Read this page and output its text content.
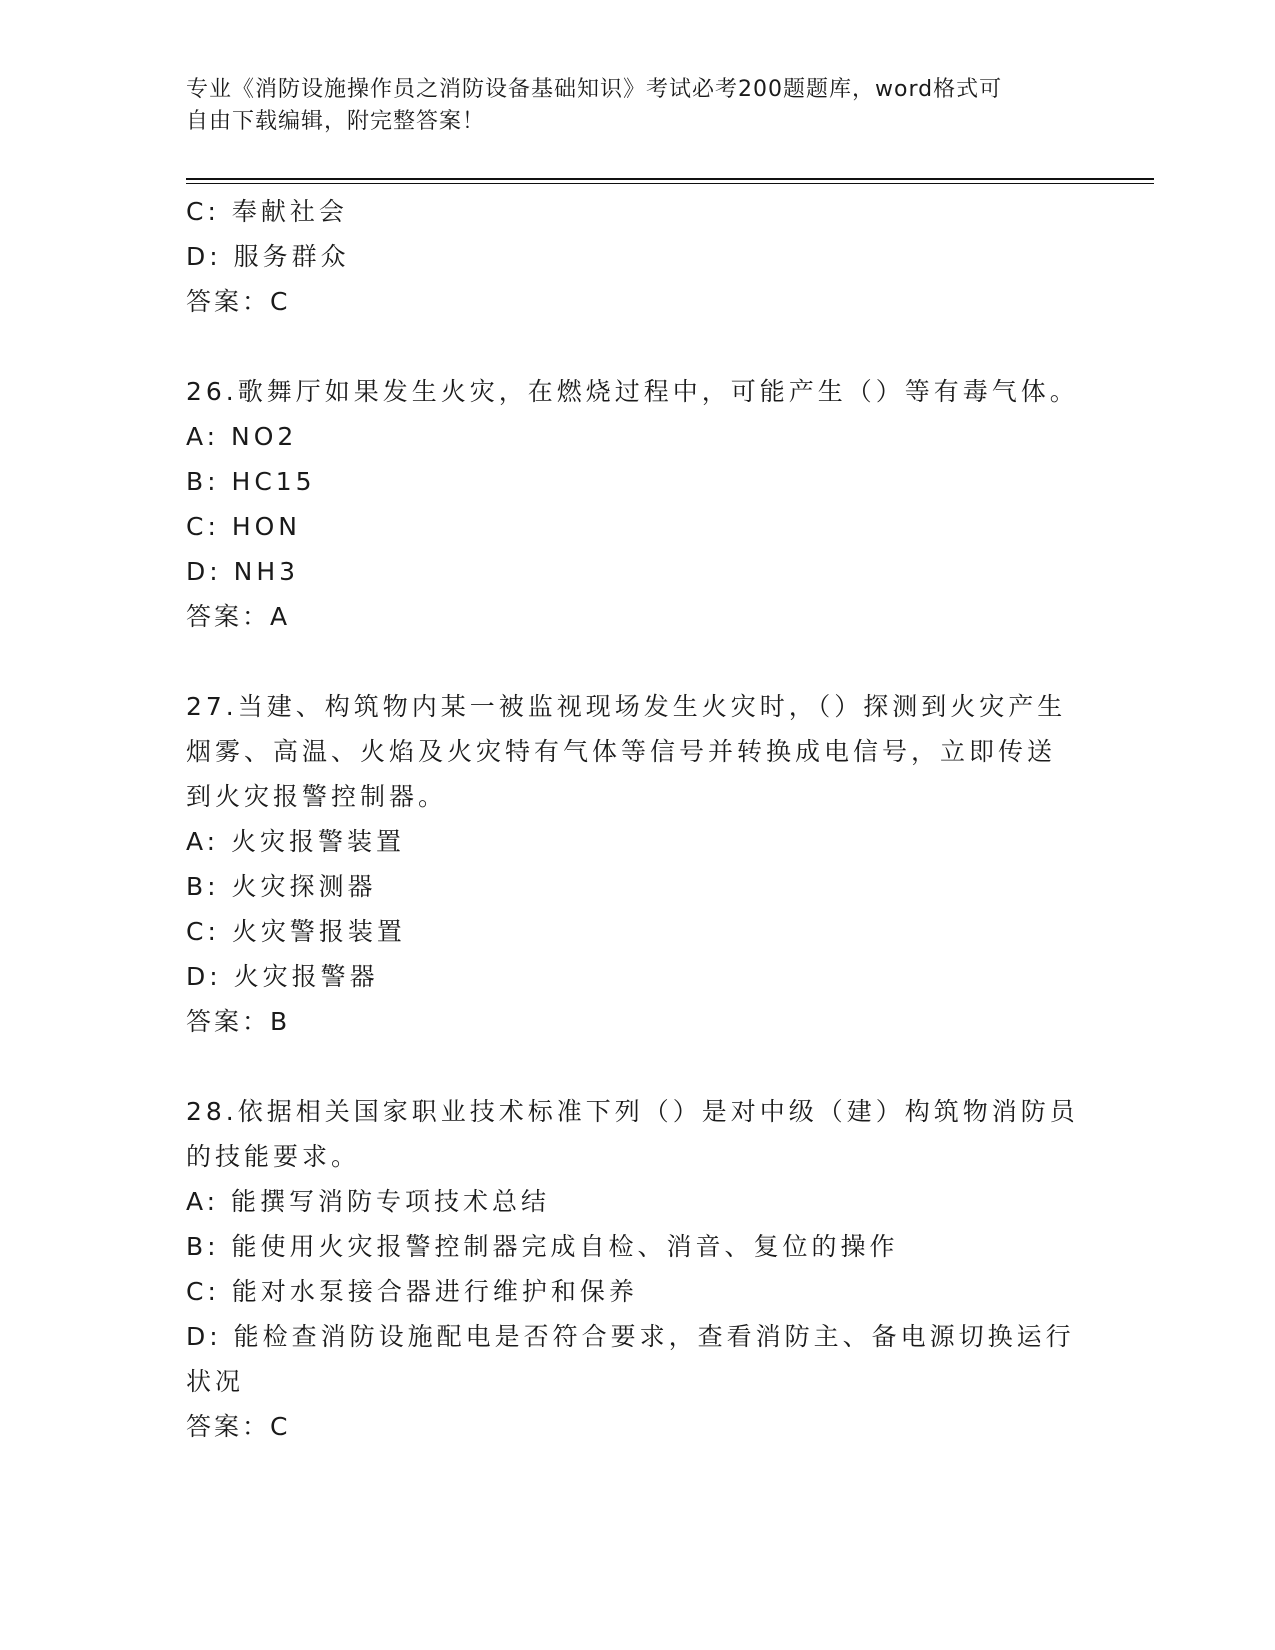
专业《消防设施操作员之消防设备基础知识》考试必考200题题库，word格式可
自由下载编辑，附完整答案！
C: 奉献社会
D: 服务群众
答案：C
26.歌舞厅如果发生火灾，在燃烧过程中，可能产生（）等有毒气体。
A: NO2
B: HC15
C: HON
D: NH3
答案：A
27.当建、构筑物内某一被监视现场发生火灾时，（）探测到火灾产生
烟雾、高温、火焰及火灾特有气体等信号并转换成电信号，立即传送
到火灾报警控制器。
A: 火灾报警装置
B: 火灾探测器
C: 火灾警报装置
D: 火灾报警器
答案：B
28.依据相关国家职业技术标准下列（）是对中级（建）构筑物消防员
的技能要求。
A: 能撰写消防专项技术总结
B: 能使用火灾报警控制器完成自检、消音、复位的操作
C: 能对水泵接合器进行维护和保养
D: 能检查消防设施配电是否符合要求，查看消防主、备电源切换运行
状况
答案：C
